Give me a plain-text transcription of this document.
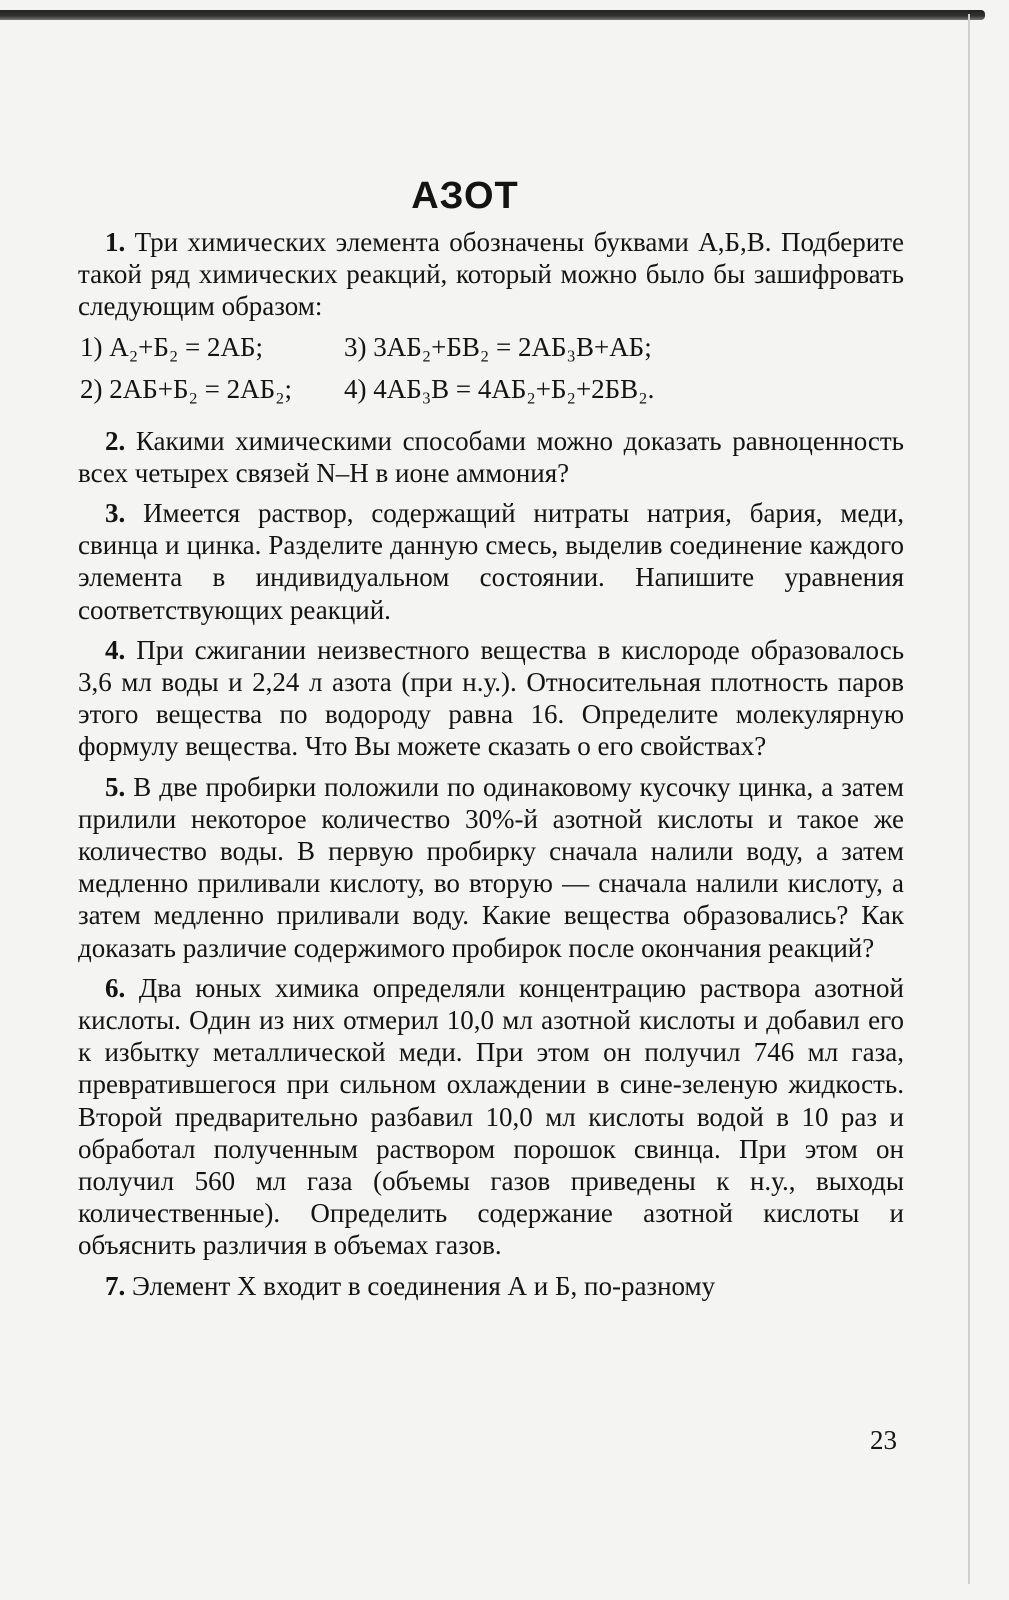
АЗОТ

 1. Три химических элемента обозначены буквами А,Б,В. Подберите такой ряд химических реакций, который можно было бы зашифровать следующим образом:

1) А₂+Б₂ = 2АБ;	3) 3АБ₂+БВ₂ = 2АБ₃В+АБ;
2) 2АБ+Б₂ = 2АБ₂;	4) 4АБ₃В = 4АБ₂+Б₂+2БВ₂.

 2. Какими химическими способами можно доказать равноценность всех четырех связей N–H в ионе аммония?

 3. Имеется раствор, содержащий нитраты натрия, бария, меди, свинца и цинка. Разделите данную смесь, выделив соединение каждого элемента в индивидуальном состоянии. Напишите уравнения соответствующих реакций.

 4. При сжигании неизвестного вещества в кислороде образовалось 3,6 мл воды и 2,24 л азота (при н.у.). Относительная плотность паров этого вещества по водороду равна 16. Определите молекулярную формулу вещества. Что Вы можете сказать о его свойствах?

 5. В две пробирки положили по одинаковому кусочку цинка, а затем прилили некоторое количество 30%-й азотной кислоты и такое же количество воды. В первую пробирку сначала налили воду, а затем медленно приливали кислоту, во вторую — сначала налили кислоту, а затем медленно приливали воду. Какие вещества образовались? Как доказать различие содержимого пробирок после окончания реакций?

 6. Два юных химика определяли концентрацию раствора азотной кислоты. Один из них отмерил 10,0 мл азотной кислоты и добавил его к избытку металлической меди. При этом он получил 746 мл газа, превратившегося при сильном охлаждении в сине-зеленую жидкость. Второй предварительно разбавил 10,0 мл кислоты водой в 10 раз и обработал полученным раствором порошок свинца. При этом он получил 560 мл газа (объемы газов приведены к н.у., выходы количественные). Определить содержание азотной кислоты и объяснить различия в объемах газов.

 7. Элемент X входит в соединения А и Б, по-разному

23
